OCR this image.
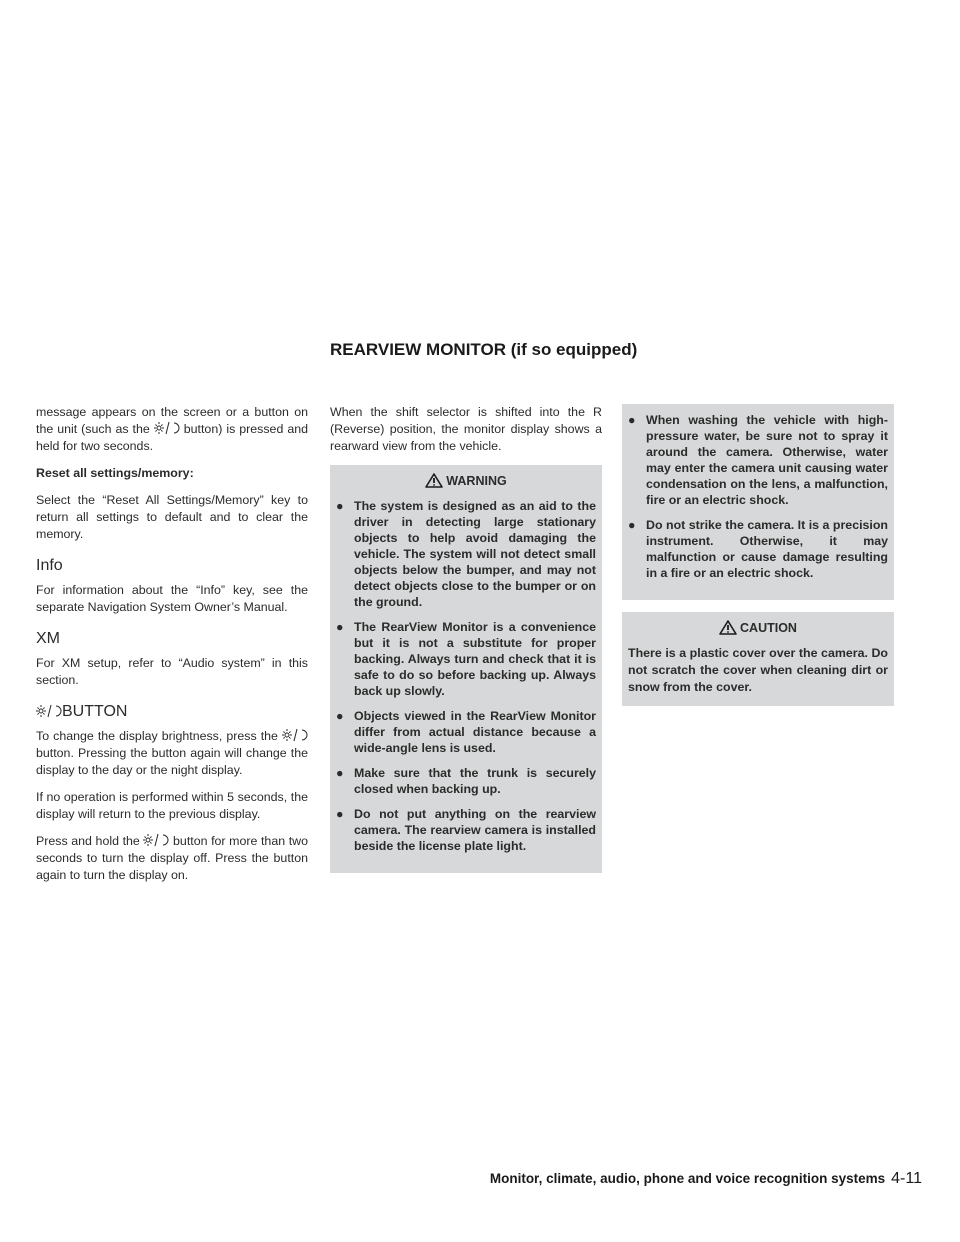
REARVIEW MONITOR (if so equipped)

message appears on the screen or a button on the unit (such as the	button) is pressed and held for two seconds.

Reset all settings/memory:

Select the “Reset All Settings/Memory” key to return all settings to default and to clear the memory.

Info

For information about the “Info” key, see the separate Navigation System Owner’s Manual.

XM

For XM setup, refer to “Audio system” in this section.

BUTTON

To change the display brightness, press the
button. Pressing the button again will change the display to the day or the night display.

If no operation is performed within 5 seconds, the display will return to the previous display.

Press and hold the	button for more than two seconds to turn the display off. Press the button again to turn the display on.

When the shift selector is shifted into the R (Reverse) position, the monitor display shows a rearward view from the vehicle.

WARNING
● The system is designed as an aid to the driver in detecting large stationary objects to help avoid damaging the vehicle. The system will not detect small objects below the bumper, and may not detect objects close to the bumper or on the ground.
● The RearView Monitor is a convenience but it is not a substitute for proper backing. Always turn and check that it is safe to do so before backing up. Always back up slowly.
● Objects viewed in the RearView Monitor differ from actual distance because a wide-angle lens is used.
● Make sure that the trunk is securely closed when backing up.
● Do not put anything on the rearview camera. The rearview camera is installed beside the license plate light.
● When washing the vehicle with high-pressure water, be sure not to spray it around the camera. Otherwise, water may enter the camera unit causing water condensation on the lens, a malfunction, fire or an electric shock.
● Do not strike the camera. It is a precision instrument. Otherwise, it may malfunction or cause damage resulting in a fire or an electric shock.
CAUTION

There is a plastic cover over the camera. Do not scratch the cover when cleaning dirt or snow from the cover.

Monitor, climate, audio, phone and voice recognition systems 4-11
